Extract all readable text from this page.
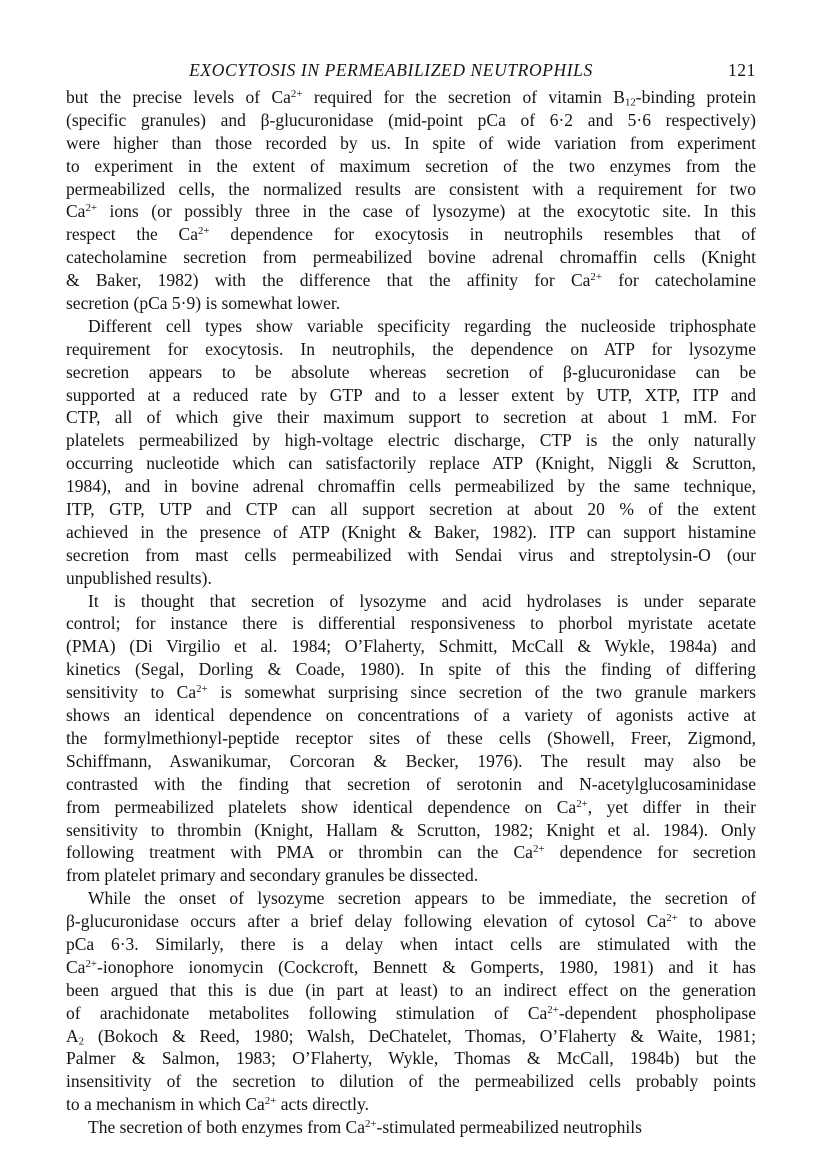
EXOCYTOSIS IN PERMEABILIZED NEUTROPHILS	121
but the precise levels of $Ca^{2+}$ required for the secretion of vitamin $B_{12}$-binding protein
(specific granules) and β-glucuronidase (mid-point pCa of 6·2 and 5·6 respectively)
were higher than those recorded by us. In spite of wide variation from experiment
to experiment in the extent of maximum secretion of the two enzymes from the
permeabilized cells, the normalized results are consistent with a requirement for two
$Ca^{2+}$ ions (or possibly three in the case of lysozyme) at the exocytotic site. In this
respect the $Ca^{2+}$ dependence for exocytosis in neutrophils resembles that of
catecholamine secretion from permeabilized bovine adrenal chromaffin cells (Knight
& Baker, 1982) with the difference that the affinity for $Ca^{2+}$ for catecholamine
secretion (pCa 5·9) is somewhat lower.
Different cell types show variable specificity regarding the nucleoside triphosphate
requirement for exocytosis. In neutrophils, the dependence on ATP for lysozyme
secretion appears to be absolute whereas secretion of β-glucuronidase can be
supported at a reduced rate by GTP and to a lesser extent by UTP, XTP, ITP and
CTP, all of which give their maximum support to secretion at about 1 mM. For
platelets permeabilized by high-voltage electric discharge, CTP is the only naturally
occurring nucleotide which can satisfactorily replace ATP (Knight, Niggli & Scrutton,
1984), and in bovine adrenal chromaffin cells permeabilized by the same technique,
ITP, GTP, UTP and CTP can all support secretion at about 20 % of the extent
achieved in the presence of ATP (Knight & Baker, 1982). ITP can support histamine
secretion from mast cells permeabilized with Sendai virus and streptolysin-O (our
unpublished results).
It is thought that secretion of lysozyme and acid hydrolases is under separate
control; for instance there is differential responsiveness to phorbol myristate acetate
(PMA) (Di Virgilio et al. 1984; O’Flaherty, Schmitt, McCall & Wykle, 1984a) and
kinetics (Segal, Dorling & Coade, 1980). In spite of this the finding of differing
sensitivity to $Ca^{2+}$ is somewhat surprising since secretion of the two granule markers
shows an identical dependence on concentrations of a variety of agonists active at
the formylmethionyl-peptide receptor sites of these cells (Showell, Freer, Zigmond,
Schiffmann, Aswanikumar, Corcoran & Becker, 1976). The result may also be
contrasted with the finding that secretion of serotonin and N-acetylglucosaminidase
from permeabilized platelets show identical dependence on $Ca^{2+}$, yet differ in their
sensitivity to thrombin (Knight, Hallam & Scrutton, 1982; Knight et al. 1984). Only
following treatment with PMA or thrombin can the $Ca^{2+}$ dependence for secretion
from platelet primary and secondary granules be dissected.
While the onset of lysozyme secretion appears to be immediate, the secretion of
β-glucuronidase occurs after a brief delay following elevation of cytosol $Ca^{2+}$ to above
pCa 6·3. Similarly, there is a delay when intact cells are stimulated with the
$Ca^{2+}$-ionophore ionomycin (Cockcroft, Bennett & Gomperts, 1980, 1981) and it has
been argued that this is due (in part at least) to an indirect effect on the generation
of arachidonate metabolites following stimulation of $Ca^{2+}$-dependent phospholipase
$A_2$ (Bokoch & Reed, 1980; Walsh, DeChatelet, Thomas, O’Flaherty & Waite, 1981;
Palmer & Salmon, 1983; O’Flaherty, Wykle, Thomas & McCall, 1984b) but the
insensitivity of the secretion to dilution of the permeabilized cells probably points
to a mechanism in which $Ca^{2+}$ acts directly.
The secretion of both enzymes from $Ca^{2+}$-stimulated permeabilized neutrophils
